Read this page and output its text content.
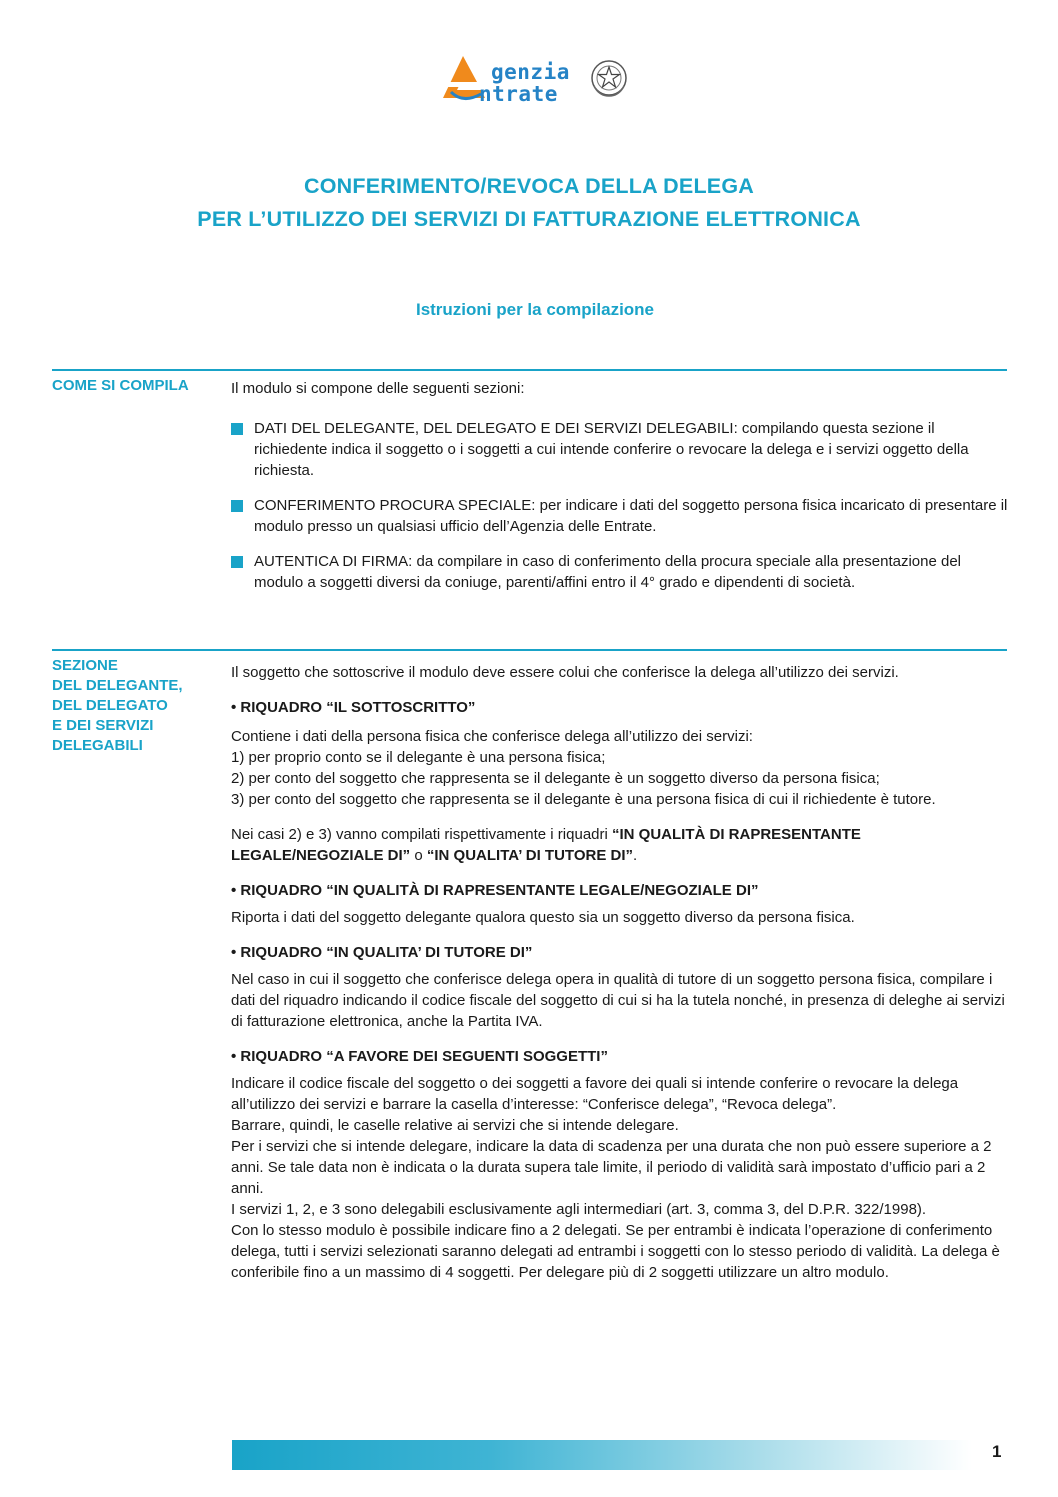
genzia
ntrate
CONFERIMENTO/REVOCA DELLA DELEGA
PER L’UTILIZZO DEI SERVIZI DI FATTURAZIONE ELETTRONICA
Istruzioni per la compilazione
COME SI COMPILA	Il modulo si compone delle seguenti sezioni:

DATI DEL DELEGANTE, DEL DELEGATO E DEI SERVIZI DELEGABILI: compilando questa sezione il richiedente indica il soggetto o i soggetti a cui intende conferire o revocare la delega e i servizi oggetto della richiesta.
CONFERIMENTO PROCURA SPECIALE: per indicare i dati del soggetto persona fisica incaricato di presentare il modulo presso un qualsiasi ufficio dell’Agenzia delle Entrate.
AUTENTICA DI FIRMA: da compilare in caso di conferimento della procura speciale alla presentazione del modulo a soggetti diversi da coniuge, parenti/affini entro il 4° grado e dipendenti di società.
SEZIONE
DEL DELEGANTE,
DEL DELEGATO
E DEI SERVIZI
DELEGABILI

Il soggetto che sottoscrive il modulo deve essere colui che conferisce la delega all’utilizzo dei servizi.

• RIQUADRO “IL SOTTOSCRITTO”

Contiene i dati della persona fisica che conferisce delega all’utilizzo dei servizi:

1) per proprio conto se il delegante è una persona fisica;

2) per conto del soggetto che rappresenta se il delegante è un soggetto diverso da persona fisica;

3) per conto del soggetto che rappresenta se il delegante è una persona fisica di cui il richiedente è tutore.

Nei casi 2) e 3) vanno compilati rispettivamente i riquadri “IN QUALITÀ DI RAPRESENTANTE LEGALE/NEGOZIALE DI” o “IN QUALITA’ DI TUTORE DI”.

• RIQUADRO “IN QUALITÀ DI RAPRESENTANTE LEGALE/NEGOZIALE DI”

Riporta i dati del soggetto delegante qualora questo sia un soggetto diverso da persona fisica.

• RIQUADRO “IN QUALITA’ DI TUTORE DI”

Nel caso in cui il soggetto che conferisce delega opera in qualità di tutore di un soggetto persona fisica, compilare i dati del riquadro indicando il codice fiscale del soggetto di cui si ha la tutela nonché, in presenza di deleghe ai servizi di fatturazione elettronica, anche la Partita IVA.

• RIQUADRO “A FAVORE DEI SEGUENTI SOGGETTI”

Indicare il codice fiscale del soggetto o dei soggetti a favore dei quali si intende conferire o revocare la delega all’utilizzo dei servizi e barrare la casella d’interesse: “Conferisce delega”, “Revoca delega”.

Barrare, quindi, le caselle relative ai servizi che si intende delegare.

Per i servizi che si intende delegare, indicare la data di scadenza per una durata che non può essere superiore a 2 anni. Se tale data non è indicata o la durata supera tale limite, il periodo di validità sarà impostato d’ufficio pari a 2 anni.

I servizi 1, 2, e 3 sono delegabili esclusivamente agli intermediari (art. 3, comma 3, del D.P.R. 322/1998).

Con lo stesso modulo è possibile indicare fino a 2 delegati. Se per entrambi è indicata l’operazione di conferimento delega, tutti i servizi selezionati saranno delegati ad entrambi i soggetti con lo stesso periodo di validità. La delega è conferibile fino a un massimo di 4 soggetti. Per delegare più di 2 soggetti utilizzare un altro modulo.

1
